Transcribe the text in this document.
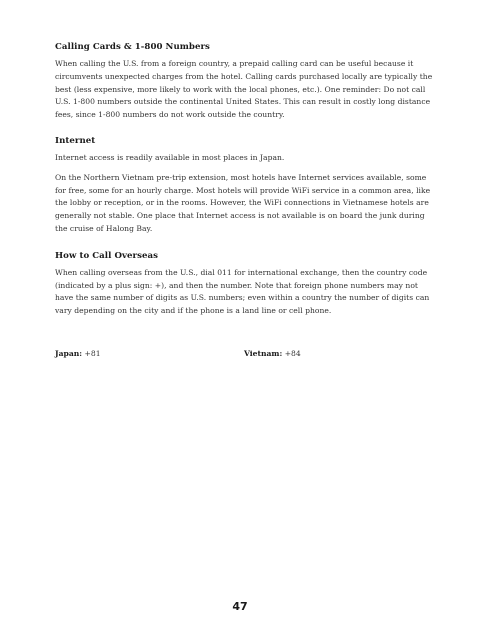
Calling Cards & 1-800 Numbers

When calling the U.S. from a foreign country, a prepaid calling card can be useful because it circumvents unexpected charges from the hotel. Calling cards purchased locally are typically the best (less expensive, more likely to work with the local phones, etc.). One reminder: Do not call U.S. 1-800 numbers outside the continental United States. This can result in costly long distance fees, since 1-800 numbers do not work outside the country.

Internet

Internet access is readily available in most places in Japan.

On the Northern Vietnam pre-trip extension, most hotels have Internet services available, some for free, some for an hourly charge. Most hotels will provide WiFi service in a common area, like the lobby or reception, or in the rooms. However, the WiFi connections in Vietnamese hotels are generally not stable. One place that Internet access is not available is on board the junk during the cruise of Halong Bay.

How to Call Overseas

When calling overseas from the U.S., dial 011 for international exchange, then the country code (indicated by a plus sign: +), and then the number. Note that foreign phone numbers may not have the same number of digits as U.S. numbers; even within a country the number of digits can vary depending on the city and if the phone is a land line or cell phone.

Japan: +81	Vietnam: +84
47
